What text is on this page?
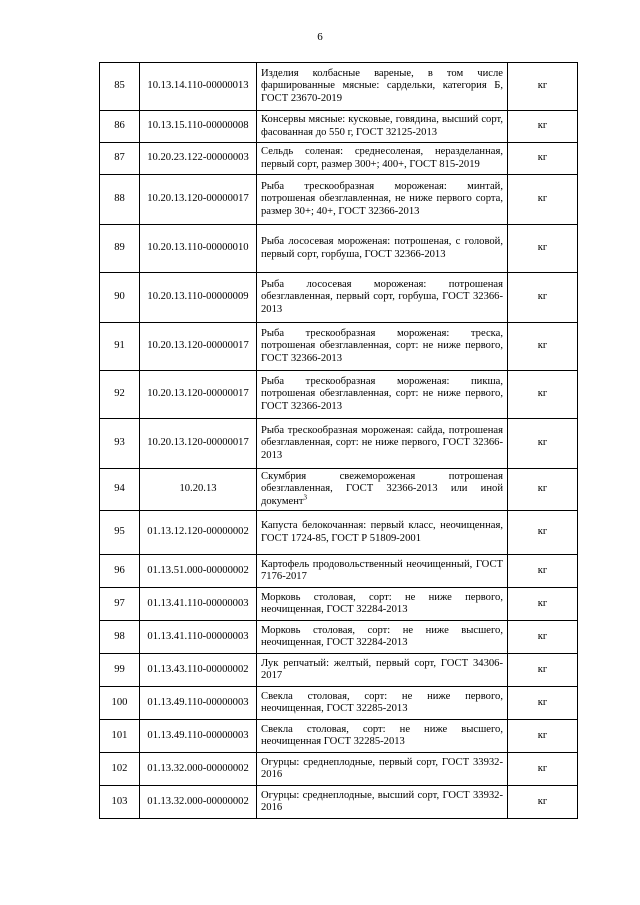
6
85	10.13.14.110-00000013	Изделия колбасные вареные, в том числе фаршированные мясные: сардельки, категория Б, ГОСТ 23670-2019	кг
86	10.13.15.110-00000008	Консервы мясные: кусковые, говядина, высший сорт, фасованная до 550 г, ГОСТ 32125-2013	кг
87	10.20.23.122-00000003	Сельдь соленая: среднесоленая, неразделанная, первый сорт, размер 300+; 400+, ГОСТ 815-2019	кг
88	10.20.13.120-00000017	Рыба трескообразная мороженая: минтай, потрошеная обезглавленная, не ниже первого сорта, размер 30+; 40+, ГОСТ 32366-2013	кг
89	10.20.13.110-00000010	Рыба лососевая мороженая: потрошеная, с головой, первый сорт, горбуша, ГОСТ 32366-2013	кг
90	10.20.13.110-00000009	Рыба лососевая мороженая: потрошеная обезглавленная, первый сорт, горбуша, ГОСТ 32366-2013	кг
91	10.20.13.120-00000017	Рыба трескообразная мороженая: треска, потрошеная обезглавленная, сорт: не ниже первого, ГОСТ 32366-2013	кг
92	10.20.13.120-00000017	Рыба трескообразная мороженая: пикша, потрошеная обезглавленная, сорт: не ниже первого, ГОСТ 32366-2013	кг
93	10.20.13.120-00000017	Рыба трескообразная мороженая: сайда, потрошеная обезглавленная, сорт: не ниже первого, ГОСТ 32366-2013	кг
94	10.20.13	Скумбрия свежемороженая потрошеная обезглавленная, ГОСТ 32366-2013 или иной документ$^3$	кг
95	01.13.12.120-00000002	Капуста белокочанная: первый класс, неочищенная, ГОСТ 1724-85, ГОСТ Р 51809-2001	кг
96	01.13.51.000-00000002	Картофель продовольственный неочищенный, ГОСТ 7176-2017	кг
97	01.13.41.110-00000003	Морковь столовая, сорт: не ниже первого, неочищенная, ГОСТ 32284-2013	кг
98	01.13.41.110-00000003	Морковь столовая, сорт: не ниже высшего, неочищенная, ГОСТ 32284-2013	кг
99	01.13.43.110-00000002	Лук репчатый: желтый, первый сорт, ГОСТ 34306-2017	кг
100	01.13.49.110-00000003	Свекла столовая, сорт: не ниже первого, неочищенная, ГОСТ 32285-2013	кг
101	01.13.49.110-00000003	Свекла столовая, сорт: не ниже высшего, неочищенная ГОСТ 32285-2013	кг
102	01.13.32.000-00000002	Огурцы: среднеплодные, первый сорт, ГОСТ 33932-2016	кг
103	01.13.32.000-00000002	Огурцы: среднеплодные, высший сорт, ГОСТ 33932-2016	кг
